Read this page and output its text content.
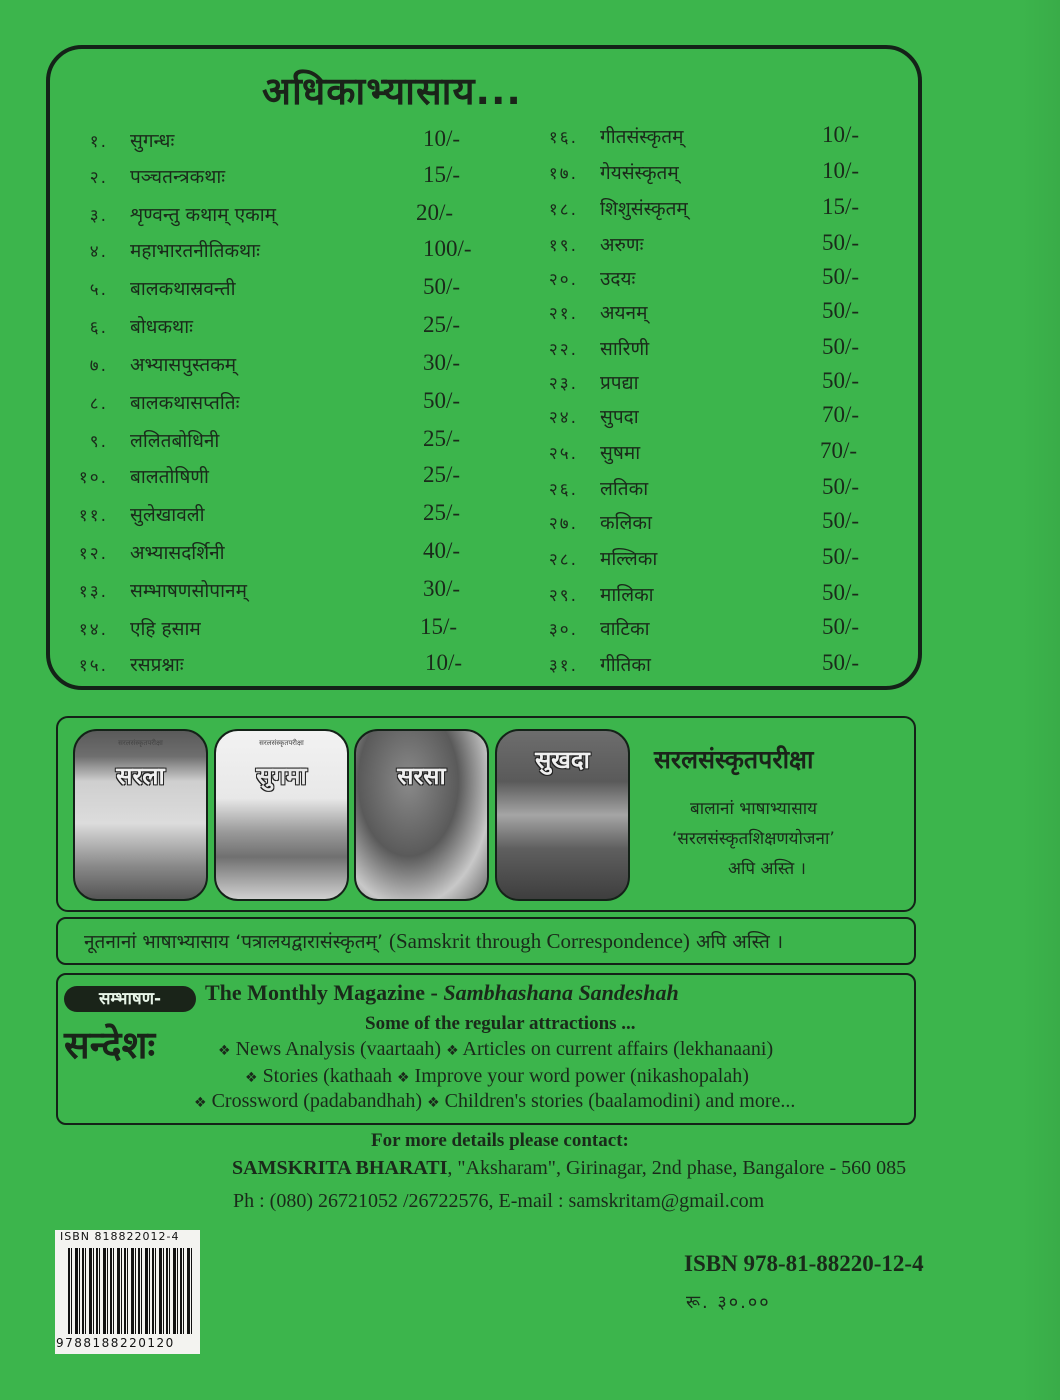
अधिकाभ्यासाय...
सरलसंस्कृतपरीक्षा
सरला
सरलसंस्कृतपरीक्षा
सुगमा	सरसा
सुखदा	सरलसंस्कृतपरीक्षा
बालानां भाषाभ्यासाय
‘सरलसंस्कृतशिक्षणयोजना’
अपि अस्ति ।
नूतनानां भाषाभ्यासाय ‘पत्रालयद्वारासंस्कृतम्’ (Samskrit through Correspondence) अपि अस्ति ।
सम्भाषण-
सन्देशः
The Monthly Magazine - Sambhashana Sandeshah
Some of the regular attractions ...
❖ News Analysis (vaartaah) ❖ Articles on current affairs (lekhanaani)
❖ Stories (kathaah ❖ Improve your word power (nikashopalah)
❖ Crossword (padabandhah) ❖ Children's stories (baalamodini) and more...
For more details please contact:
SAMSKRITA BHARATI, "Aksharam", Girinagar, 2nd phase, Bangalore - 560 085
Ph : (080) 26721052 /26722576, E-mail : samskritam@gmail.com
ISBN 818822012-4
9788188220120
ISBN 978-81-88220-12-4
रू. ३०.००
१. सुगन्धः	10/-
२. पञ्चतन्त्रकथाः	15/-
३. शृण्वन्तु कथाम् एकाम्	20/-
४. महाभारतनीतिकथाः	100/-
५. बालकथास्रवन्ती	50/-
६. बोधकथाः	25/-
७. अभ्यासपुस्तकम्	30/-
८. बालकथासप्ततिः	50/-
९. ललितबोधिनी	25/-
१०. बालतोषिणी	25/-
११. सुलेखावली	25/-
१२. अभ्यासदर्शिनी	40/-
१३. सम्भाषणसोपानम्	30/-
१४. एहि हसाम	15/-
१५. रसप्रश्नाः	10/-
१६. गीतसंस्कृतम्	10/-
१७. गेयसंस्कृतम्	10/-
१८. शिशुसंस्कृतम्	15/-
१९. अरुणः	50/-
२०. उदयः	50/-
२१. अयनम्	50/-
२२. सारिणी	50/-
२३. प्रपद्या	50/-
२४. सुपदा	70/-
२५. सुषमा	70/-
२६. लतिका	50/-
२७. कलिका	50/-
२८. मल्लिका	50/-
२९. मालिका	50/-
३०. वाटिका	50/-
३१. गीतिका	50/-
